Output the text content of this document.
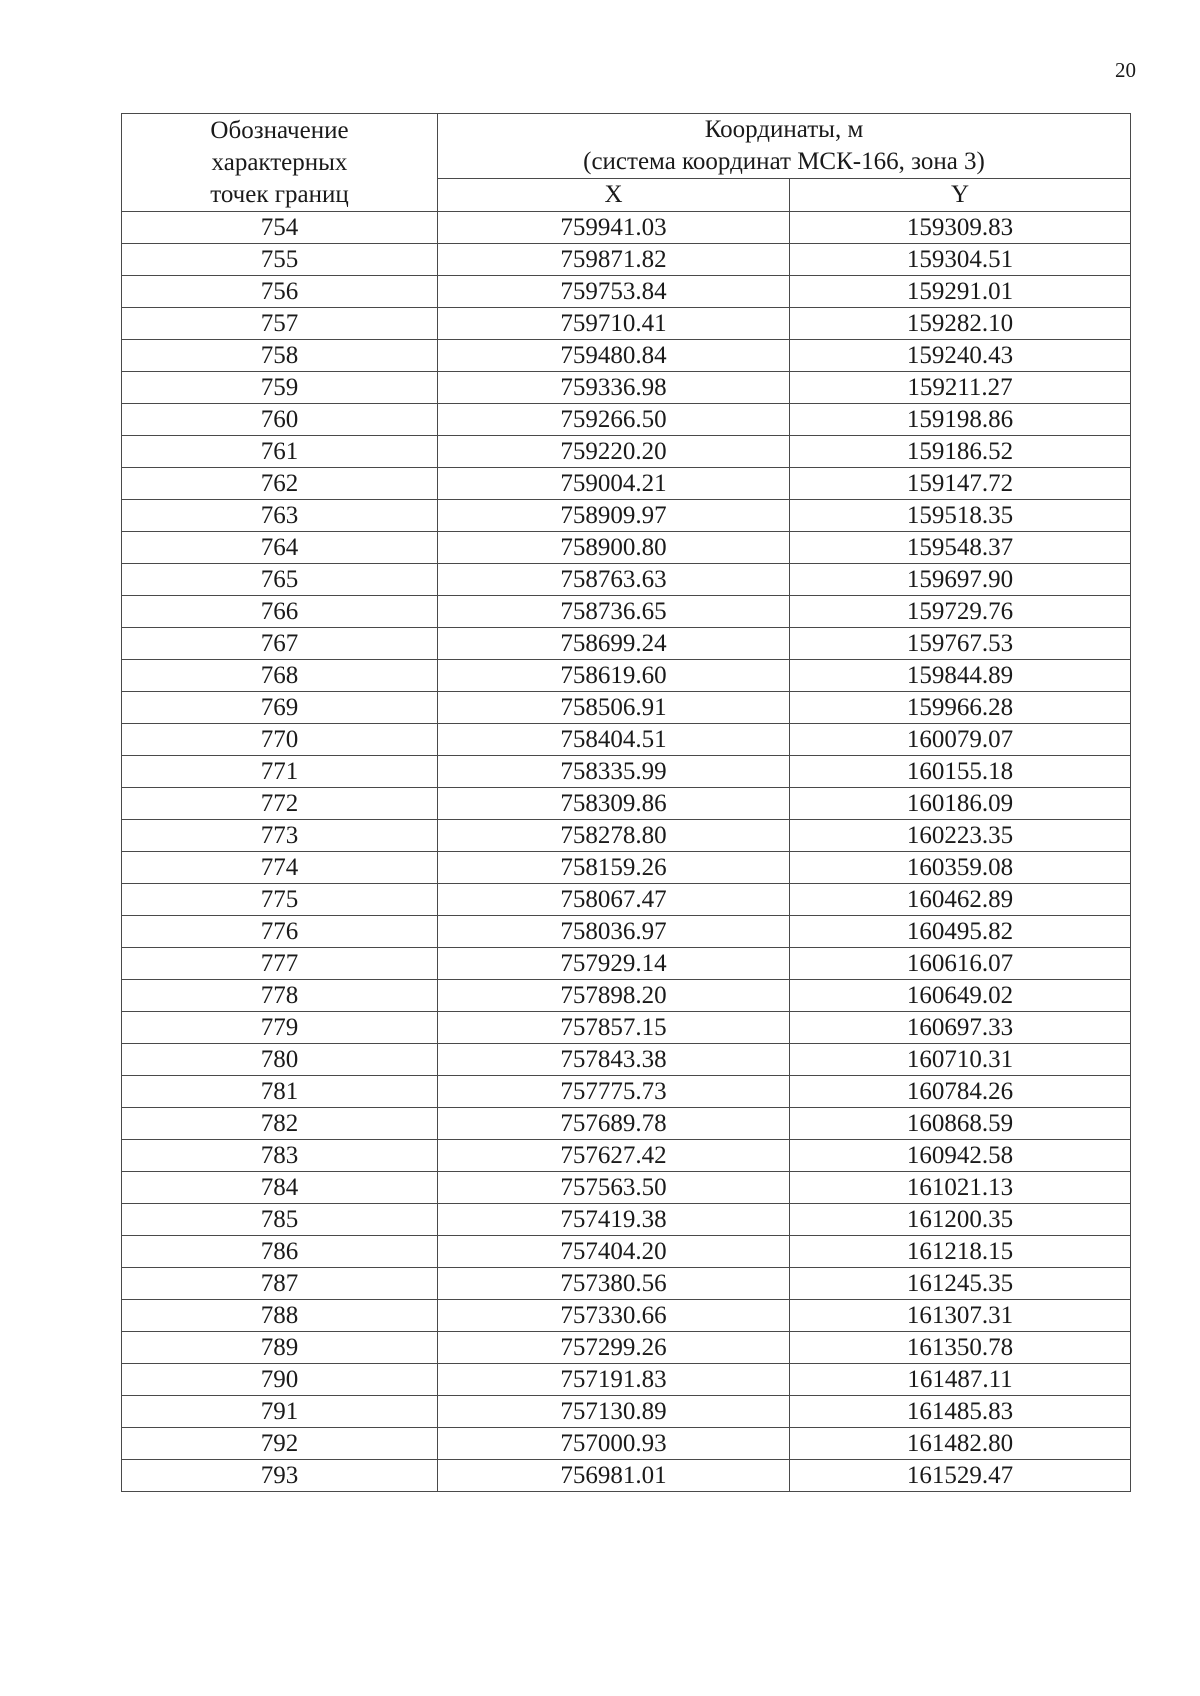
20
Обозначение
характерных
точек границ	Координаты, м
(система координат МСК-166, зона 3)	

	X	Y
754	759941.03	159309.83
755	759871.82	159304.51
756	759753.84	159291.01
757	759710.41	159282.10
758	759480.84	159240.43
759	759336.98	159211.27
760	759266.50	159198.86
761	759220.20	159186.52
762	759004.21	159147.72
763	758909.97	159518.35
764	758900.80	159548.37
765	758763.63	159697.90
766	758736.65	159729.76
767	758699.24	159767.53
768	758619.60	159844.89
769	758506.91	159966.28
770	758404.51	160079.07
771	758335.99	160155.18
772	758309.86	160186.09
773	758278.80	160223.35
774	758159.26	160359.08
775	758067.47	160462.89
776	758036.97	160495.82
777	757929.14	160616.07
778	757898.20	160649.02
779	757857.15	160697.33
780	757843.38	160710.31
781	757775.73	160784.26
782	757689.78	160868.59
783	757627.42	160942.58
784	757563.50	161021.13
785	757419.38	161200.35
786	757404.20	161218.15
787	757380.56	161245.35
788	757330.66	161307.31
789	757299.26	161350.78
790	757191.83	161487.11
791	757130.89	161485.83
792	757000.93	161482.80
793	756981.01	161529.47
